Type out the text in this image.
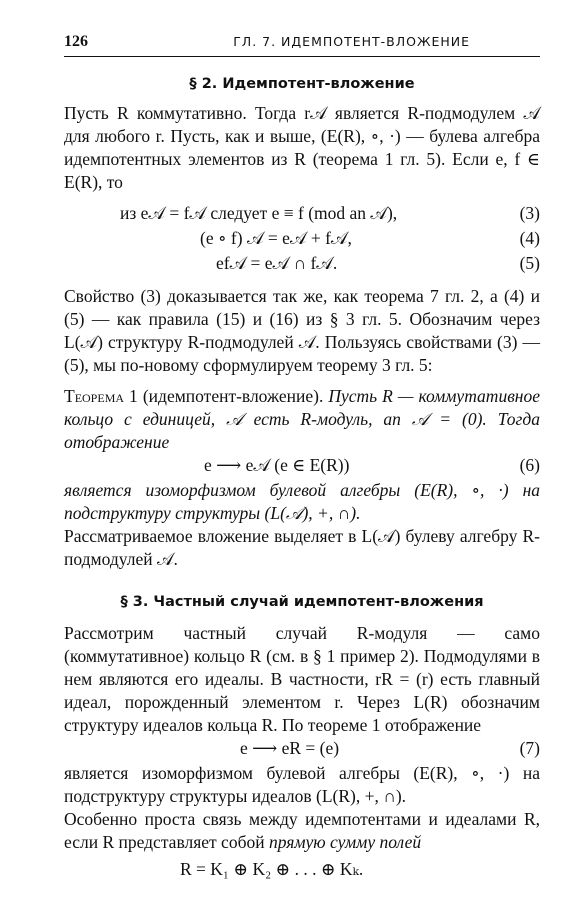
126	ГЛ. 7. ИДЕМПОТЕНТ-ВЛОЖЕНИЕ
§ 2. Идемпотент-вложение

Пусть R коммутативно. Тогда r𝒜 является R-подмодулем 𝒜 для любого r. Пусть, как и выше, (E(R), ∘, ·) — булева алгебра идемпотентных элементов из R (теорема 1 гл. 5). Если e, f ∈ E(R), то

из e𝒜 = f𝒜 следует e ≡ f (mod an 𝒜),	(3)
(e ∘ f) 𝒜 = e𝒜 + f𝒜,	(4)
ef𝒜 = e𝒜 ∩ f𝒜.	(5)

Свойство (3) доказывается так же, как теорема 7 гл. 2, а (4) и (5) — как правила (15) и (16) из § 3 гл. 5. Обозначим через L(𝒜) структуру R-подмодулей 𝒜. Пользуясь свойствами (3) — (5), мы по-новому сформулируем теорему 3 гл. 5:

Теорема 1 (идемпотент-вложение). Пусть R — коммутативное кольцо с единицей, 𝒜 есть R-модуль, an 𝒜 = (0). Тогда отображение

e ⟶ e𝒜 (e ∈ E(R))	(6)

является изоморфизмом булевой алгебры (E(R), ∘, ·) на подструктуру структуры (L(𝒜), +, ∩).

Рассматриваемое вложение выделяет в L(𝒜) булеву алгебру R-подмодулей 𝒜.

§ 3. Частный случай идемпотент-вложения

Рассмотрим частный случай R-модуля — само (коммутативное) кольцо R (см. в § 1 пример 2). Подмодулями в нем являются его идеалы. В частности, rR = (r) есть главный идеал, порожденный элементом r. Через L(R) обозначим структуру идеалов кольца R. По теореме 1 отображение

e ⟶ eR = (e)	(7)

является изоморфизмом булевой алгебры (E(R), ∘, ·) на подструктуру структуры идеалов (L(R), +, ∩).

Особенно проста связь между идемпотентами и идеалами R, если R представляет собой прямую сумму полей

R = K₁ ⊕ K₂ ⊕ . . . ⊕ Kₖ.
